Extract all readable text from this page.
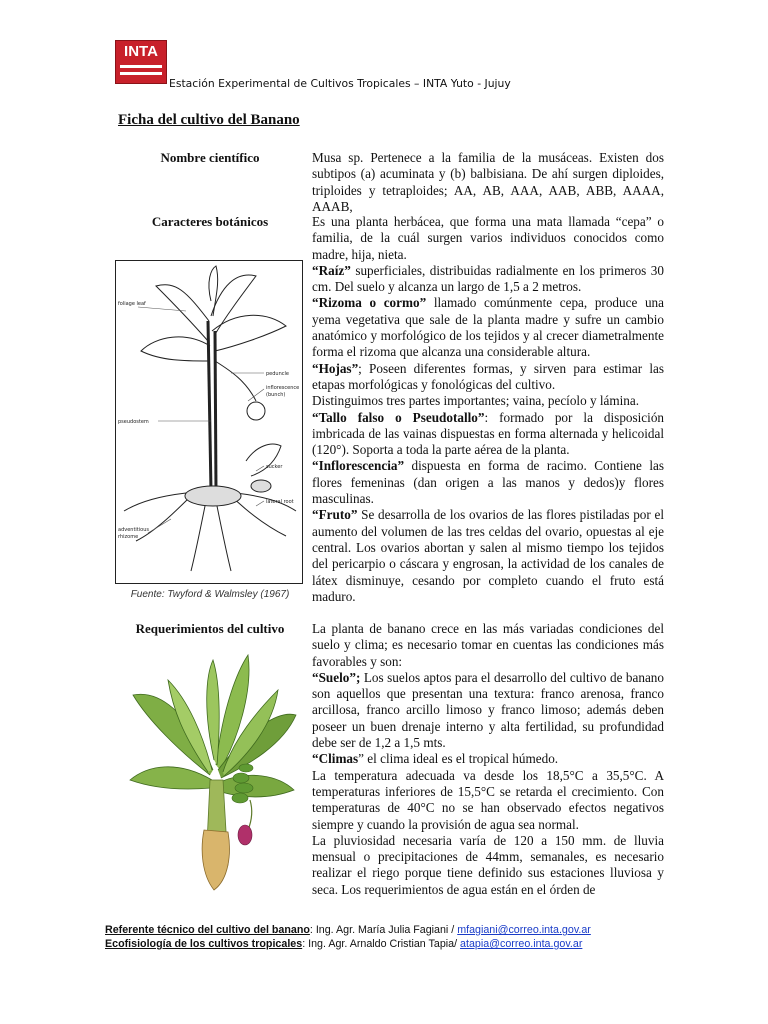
INTA
Estación Experimental de Cultivos Tropicales – INTA Yuto - Jujuy
Ficha del cultivo del Banano
Nombre científico	Musa sp. Pertenece a la familia de la musáceas. Existen dos subtipos (a) acuminata y (b) balbisiana. De ahí surgen diploides, triploides y tetraploides; AA, AB, AAA, AAB, ABB, AAAA, AAAB,

Caracteres botánicos	Es una planta herbácea, que forma una mata llamada “cepa” o familia, de la cuál surgen varios individuos conocidos como madre, hija, nieta.

“Raíz” superficiales, distribuidas radialmente en los primeros 30 cm. Del suelo y alcanza un largo de 1,5 a 2 metros.

“Rizoma o cormo” llamado comúnmente cepa, produce una yema vegetativa que sale de la planta madre y sufre un cambio anatómico y morfológico de los tejidos y al crecer diametralmente forma el rizoma que alcanza una considerable altura.

“Hojas”; Poseen diferentes formas, y sirven para estimar las etapas morfológicas y fonológicas del cultivo.

Distinguimos tres partes importantes; vaina, pecíolo y lámina.

“Tallo falso o Pseudotallo”: formado por la disposición imbricada de las vainas dispuestas en forma alternada y helicoidal (120°). Soporta a toda la parte aérea de la planta.

“Inflorescencia” dispuesta en forma de racimo. Contiene las flores femeninas (dan origen a las manos y dedos)y flores masculinas.

“Fruto” Se desarrolla de los ovarios de las flores pistiladas por el aumento del volumen de las tres celdas del ovario, opuestas al eje central. Los ovarios abortan y salen al mismo tiempo los tejidos del pericarpio o cáscara y engrosan, la actividad de los canales de látex disminuye, cesando por completo cuando el fruto está maduro.

foliage leaf
peduncle
inflorescence
(bunch)
pseudostem
sucker
lateral root
adventitious
rhizome
Fuente: Twyford & Walmsley (1967)
Requerimientos del cultivo	La planta de banano crece en las más variadas condiciones del suelo y clima; es necesario tomar en cuentas las condiciones más favorables y son:

“Suelo”; Los suelos aptos para el desarrollo del cultivo de banano son aquellos que presentan una textura: franco arenosa, franco arcillosa, franco arcillo limoso y franco limoso; además deben poseer un buen drenaje interno y alta fertilidad, su profundidad debe ser de 1,2 a 1,5 mts.

“Climas” el clima ideal es el tropical húmedo.

La temperatura adecuada va desde los 18,5°C a 35,5°C. A temperaturas inferiores de 15,5°C se retarda el crecimiento. Con temperaturas de 40°C no se han observado efectos negativos siempre y cuando la provisión de agua sea normal.

La pluviosidad necesaria varía de 120 a 150 mm. de lluvia mensual o precipitaciones de 44mm, semanales, es necesario realizar el riego porque tiene definido sus estaciones lluviosa y seca. Los requerimientos de agua están en el órden de

Referente técnico del cultivo del banano: Ing. Agr. María Julia Fagiani / mfagiani@correo.inta.gov.ar
Ecofisiología de los cultivos tropicales: Ing. Agr. Arnaldo Cristian Tapia/ atapia@correo.inta.gov.ar
